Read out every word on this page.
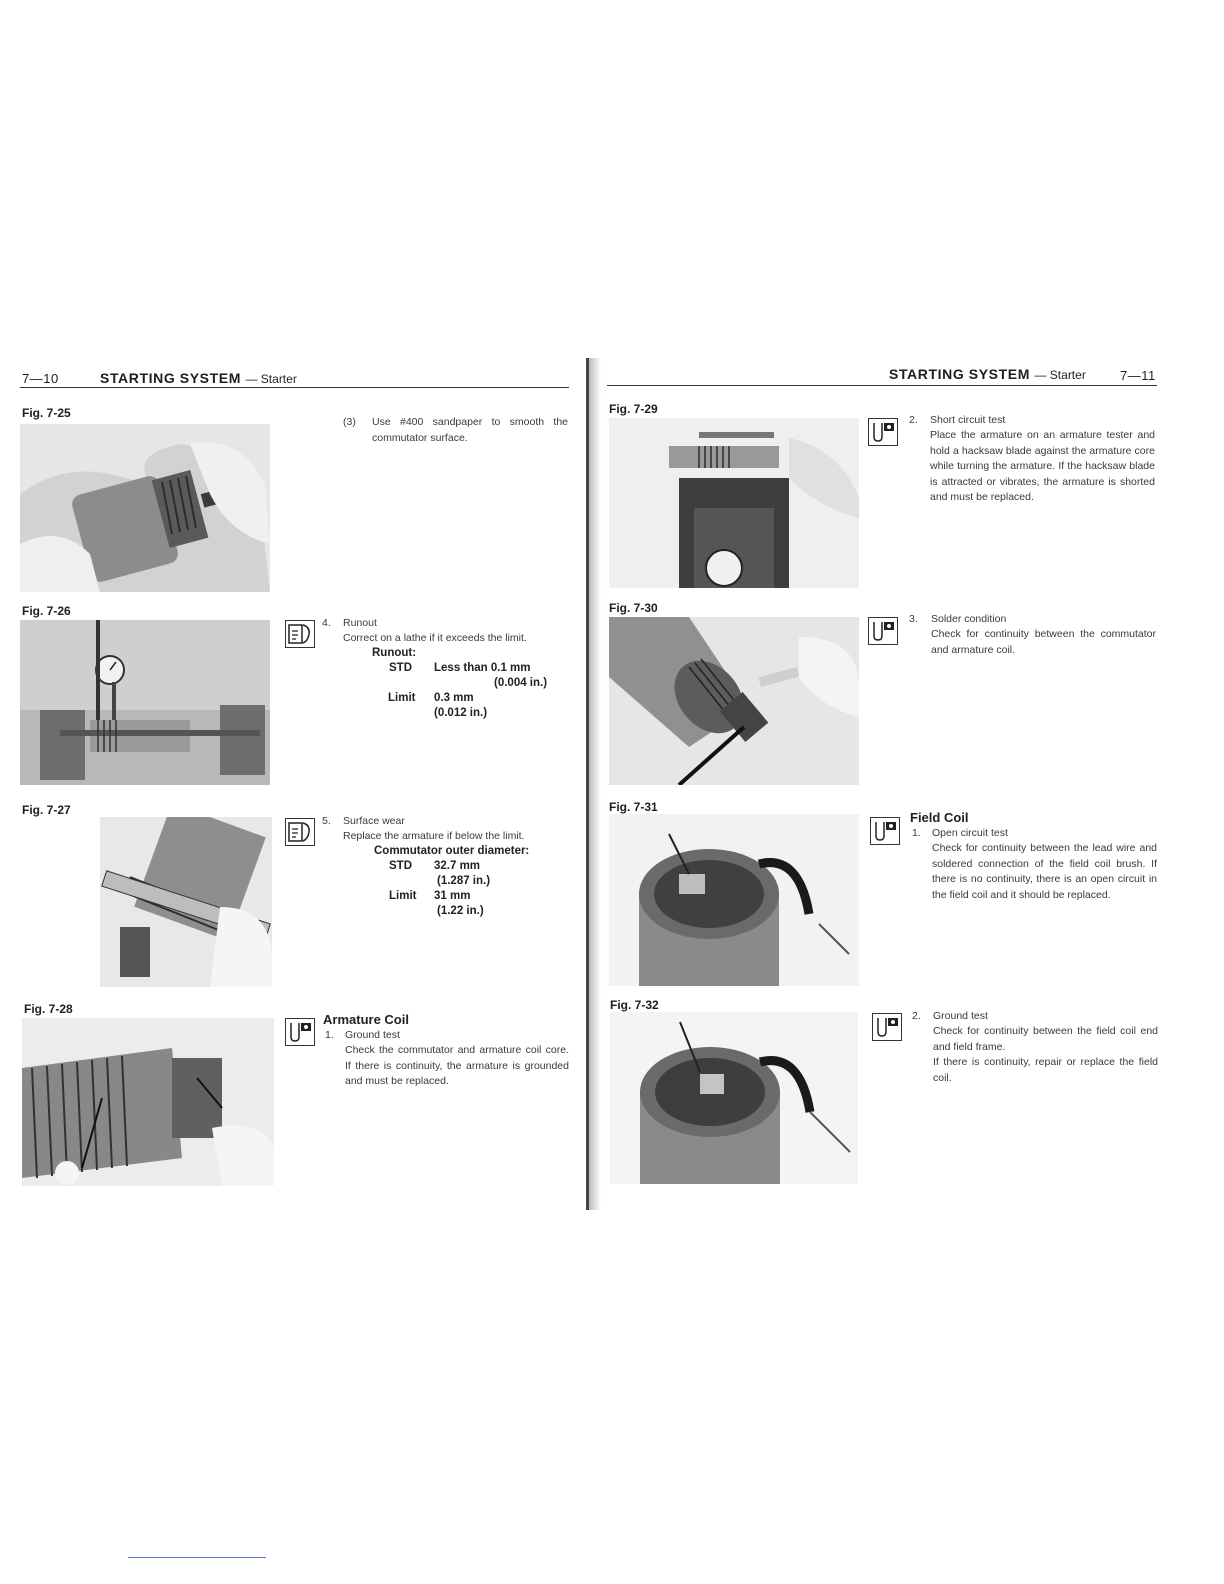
7—10	STARTING SYSTEM — Starter
Fig. 7-25
Fig. 7-26
Fig. 7-27
Fig. 7-28
(3) Use #400 sandpaper to smooth the commutator surface.
4. Runout
Correct on a lathe if it exceeds the limit.
Runout:
STD Less than 0.1 mm
(0.004 in.)
Limit 0.3 mm
(0.012 in.)
5. Surface wear
Replace the armature if below the limit.
Commutator outer diameter:
STD 32.7 mm
(1.287 in.)
Limit 31 mm
(1.22 in.)
Armature Coil
1. Ground test
Check the commutator and armature coil core. If there is continuity, the armature is grounded and must be replaced.
STARTING SYSTEM — Starter	7—11
Fig. 7-29
Fig. 7-30
Fig. 7-31
Fig. 7-32
2. Short circuit test
Place the armature on an armature tester and hold a hacksaw blade against the armature core while turning the armature. If the hacksaw blade is attracted or vibrates, the armature is shorted and must be replaced.
3. Solder condition
Check for continuity between the commutator and armature coil.
Field Coil
1. Open circuit test
Check for continuity between the lead wire and soldered connection of the field coil brush. If there is no continuity, there is an open circuit in the field coil and it should be replaced.
2. Ground test
Check for continuity between the field coil end and field frame.
If there is continuity, repair or replace the field coil.
